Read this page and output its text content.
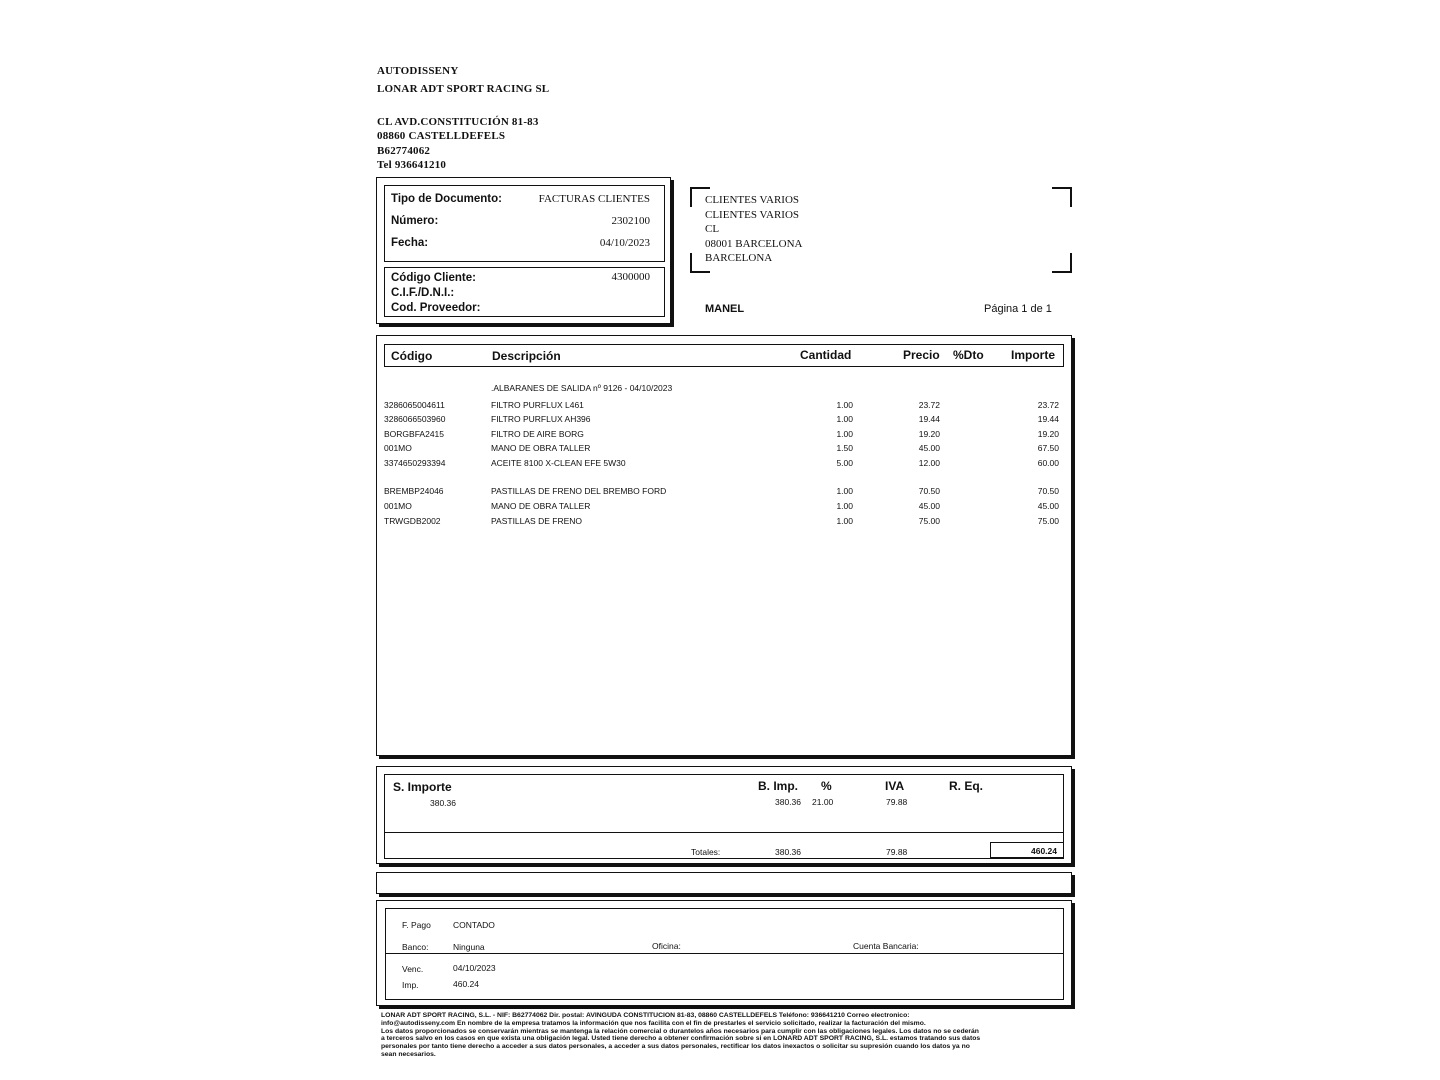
AUTODISSENY
LONAR ADT SPORT RACING SL
CL AVD.CONSTITUCIÓN 81-83
08860 CASTELLDEFELS
B62774062
Tel 936641210
Tipo de Documento:	FACTURAS CLIENTES
Número:	2302100
Fecha:	04/10/2023
Código Cliente:	4300000
C.I.F./D.N.I.:
Cod. Proveedor:
CLIENTES VARIOS
CLIENTES VARIOS
CL
08001 BARCELONA
BARCELONA
MANEL	Página 1 de 1
Código	Descripción	Cantidad	Precio %Dto Importe
.ALBARANES DE SALIDA nº 9126 - 04/10/2023
3286065004611	FILTRO PURFLUX L461	1.00	23.72	23.72
3286066503960	FILTRO PURFLUX AH396	1.00	19.44	19.44
BORGBFA2415	FILTRO DE AIRE BORG	1.00	19.20	19.20
001MO	MANO DE OBRA TALLER	1.50	45.00	67.50
3374650293394	ACEITE 8100 X-CLEAN EFE 5W30	5.00	12.00	60.00
BREMBP24046	PASTILLAS DE FRENO DEL BREMBO FORD	1.00	70.50	70.50
001MO	MANO DE OBRA TALLER	1.00	45.00	45.00
TRWGDB2002	PASTILLAS DE FRENO	1.00	75.00	75.00
S. Importe
380.36
B. Imp. %	IVA	R. Eq.
380.36 21.00	79.88
Totales:	380.36	79.88	460.24
F. Pago	CONTADO
Banco:	Ninguna	Oficina:	Cuenta Bancaria:
Venc.	04/10/2023
Imp.	460.24
LONAR ADT SPORT RACING, S.L. - NIF: B62774062 Dir. postal: AVINGUDA CONSTITUCIÓN 81-83, 08860 CASTELLDEFELS Teléfono: 936641210 Correo electronico:
info@autodisseny.com En nombre de la empresa tratamos la información que nos facilita con el fin de prestarles el servicio solicitado, realizar la facturación del mismo.
Los datos proporcionados se conservarán mientras se mantenga la relación comercial o durantelos años necesarios para cumplir con las obligaciones legales. Los datos no se cederán
a terceros salvo en los casos en que exista una obligación legal. Usted tiene derecho a obtener confirmación sobre si en LONARD ADT SPORT RACING, S.L. estamos tratando sus datos
personales por tanto tiene derecho a acceder a sus datos personales, a acceder a sus datos personales, rectificar los datos inexactos o solicitar su supresión cuando los datos ya no
sean necesarios.
